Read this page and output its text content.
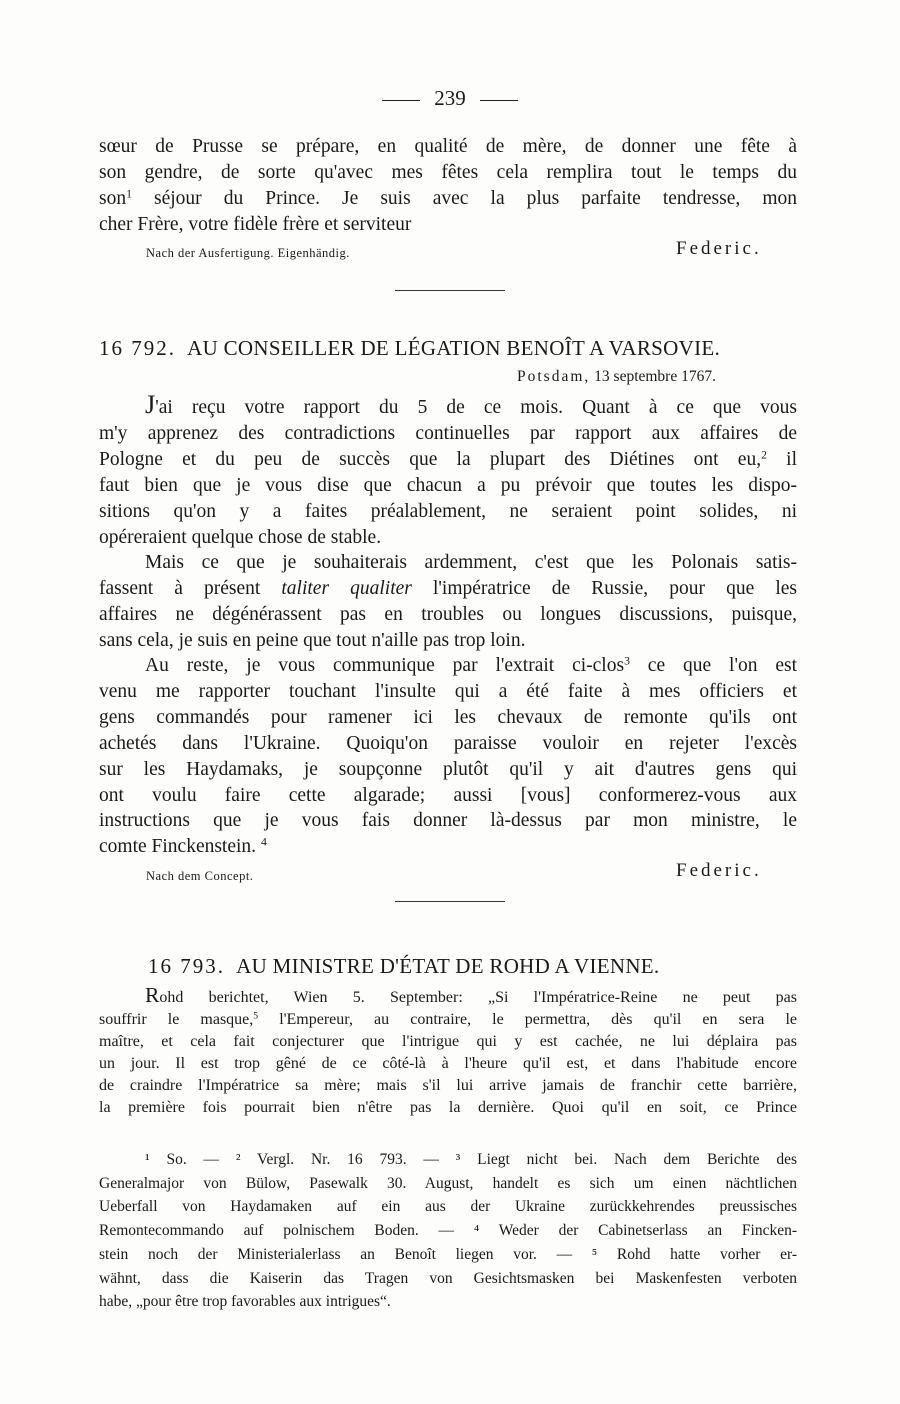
239
sœur de Prusse se prépare, en qualité de mère, de donner une fête à
son gendre, de sorte qu'avec mes fêtes cela remplira tout le temps du
son$^1$ séjour du Prince. Je suis avec la plus parfaite tendresse, mon
cher Frère, votre fidèle frère et serviteur
Nach der Ausfertigung. Eigenhändig.	Federic.
16 792. AU CONSEILLER DE LÉGATION BENOÎT A VARSOVIE.
Potsdam, 13 septembre 1767.
J'ai reçu votre rapport du 5 de ce mois. Quant à ce que vous
m'y apprenez des contradictions continuelles par rapport aux affaires de
Pologne et du peu de succès que la plupart des Diétines ont eu,$^2$ il
faut bien que je vous dise que chacun a pu prévoir que toutes les dispo-
sitions qu'on y a faites préalablement, ne seraient point solides, ni
opéreraient quelque chose de stable.
Mais ce que je souhaiterais ardemment, c'est que les Polonais satis-
fassent à présent taliter qualiter l'impératrice de Russie, pour que les
affaires ne dégénérassent pas en troubles ou longues discussions, puisque,
sans cela, je suis en peine que tout n'aille pas trop loin.
Au reste, je vous communique par l'extrait ci-clos$^3$ ce que l'on est
venu me rapporter touchant l'insulte qui a été faite à mes officiers et
gens commandés pour ramener ici les chevaux de remonte qu'ils ont
achetés dans l'Ukraine. Quoiqu'on paraisse vouloir en rejeter l'excès
sur les Haydamaks, je soupçonne plutôt qu'il y ait d'autres gens qui
ont voulu faire cette algarade; aussi [vous] conformerez-vous aux
instructions que je vous fais donner là-dessus par mon ministre, le
comte Finckenstein. $^4$
Nach dem Concept.	Federic.
16 793. AU MINISTRE D'ÉTAT DE ROHD A VIENNE.
Rohd berichtet, Wien 5. September: „Si l'Impératrice-Reine ne peut pas
souffrir le masque,$^5$ l'Empereur, au contraire, le permettra, dès qu'il en sera le
maître, et cela fait conjecturer que l'intrigue qui y est cachée, ne lui déplaira pas
un jour. Il est trop gêné de ce côté-là à l'heure qu'il est, et dans l'habitude encore
de craindre l'Impératrice sa mère; mais s'il lui arrive jamais de franchir cette barrière,
la première fois pourrait bien n'être pas la dernière. Quoi qu'il en soit, ce Prince
¹ So. — ² Vergl. Nr. 16 793. — ³ Liegt nicht bei. Nach dem Berichte des
Generalmajor von Bülow, Pasewalk 30. August, handelt es sich um einen nächtlichen
Ueberfall von Haydamaken auf ein aus der Ukraine zurückkehrendes preussisches
Remontecommando auf polnischem Boden. — ⁴ Weder der Cabinetserlass an Fincken-
stein noch der Ministerialerlass an Benoît liegen vor. — ⁵ Rohd hatte vorher er-
wähnt, dass die Kaiserin das Tragen von Gesichtsmasken bei Maskenfesten verboten
habe, „pour être trop favorables aux intrigues“.
